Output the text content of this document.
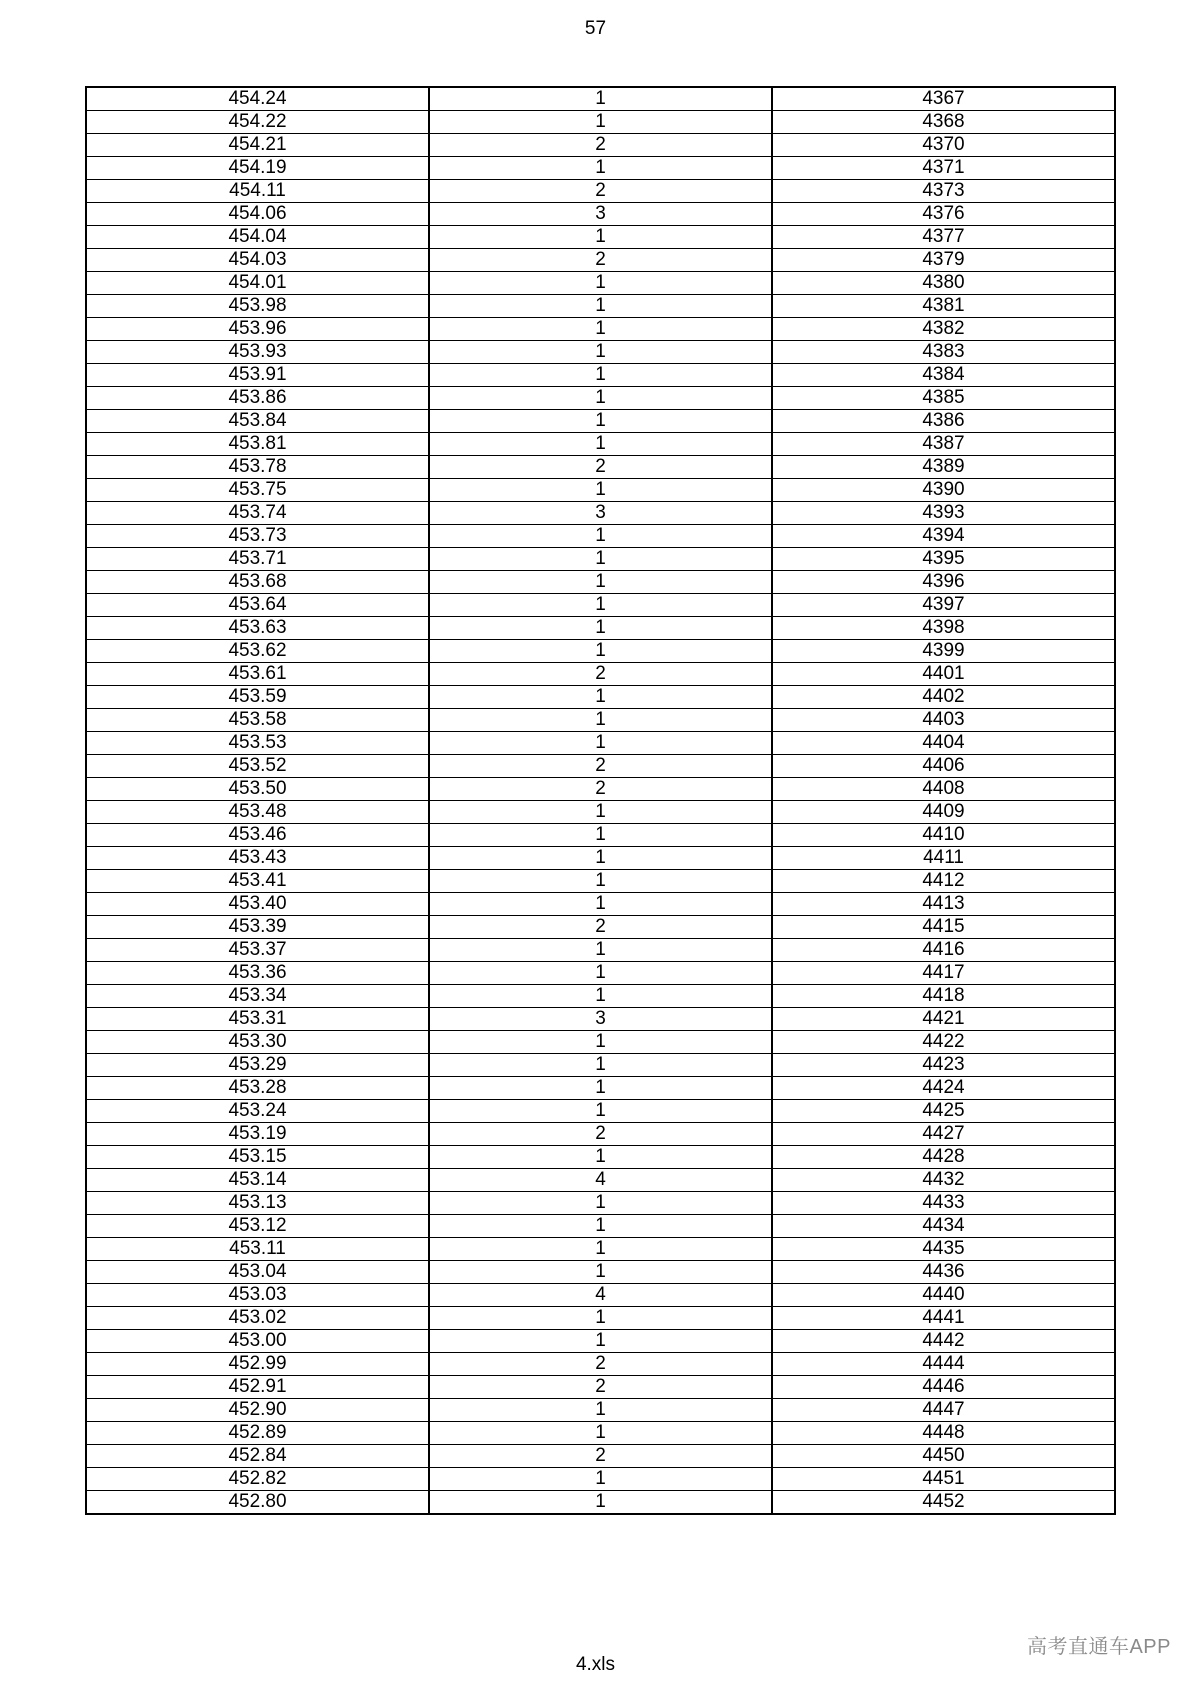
57
454.24	1	4367
454.22	1	4368
454.21	2	4370
454.19	1	4371
454.11	2	4373
454.06	3	4376
454.04	1	4377
454.03	2	4379
454.01	1	4380
453.98	1	4381
453.96	1	4382
453.93	1	4383
453.91	1	4384
453.86	1	4385
453.84	1	4386
453.81	1	4387
453.78	2	4389
453.75	1	4390
453.74	3	4393
453.73	1	4394
453.71	1	4395
453.68	1	4396
453.64	1	4397
453.63	1	4398
453.62	1	4399
453.61	2	4401
453.59	1	4402
453.58	1	4403
453.53	1	4404
453.52	2	4406
453.50	2	4408
453.48	1	4409
453.46	1	4410
453.43	1	4411
453.41	1	4412
453.40	1	4413
453.39	2	4415
453.37	1	4416
453.36	1	4417
453.34	1	4418
453.31	3	4421
453.30	1	4422
453.29	1	4423
453.28	1	4424
453.24	1	4425
453.19	2	4427
453.15	1	4428
453.14	4	4432
453.13	1	4433
453.12	1	4434
453.11	1	4435
453.04	1	4436
453.03	4	4440
453.02	1	4441
453.00	1	4442
452.99	2	4444
452.91	2	4446
452.90	1	4447
452.89	1	4448
452.84	2	4450
452.82	1	4451
452.80	1	4452
4.xls
高考直通车APP
